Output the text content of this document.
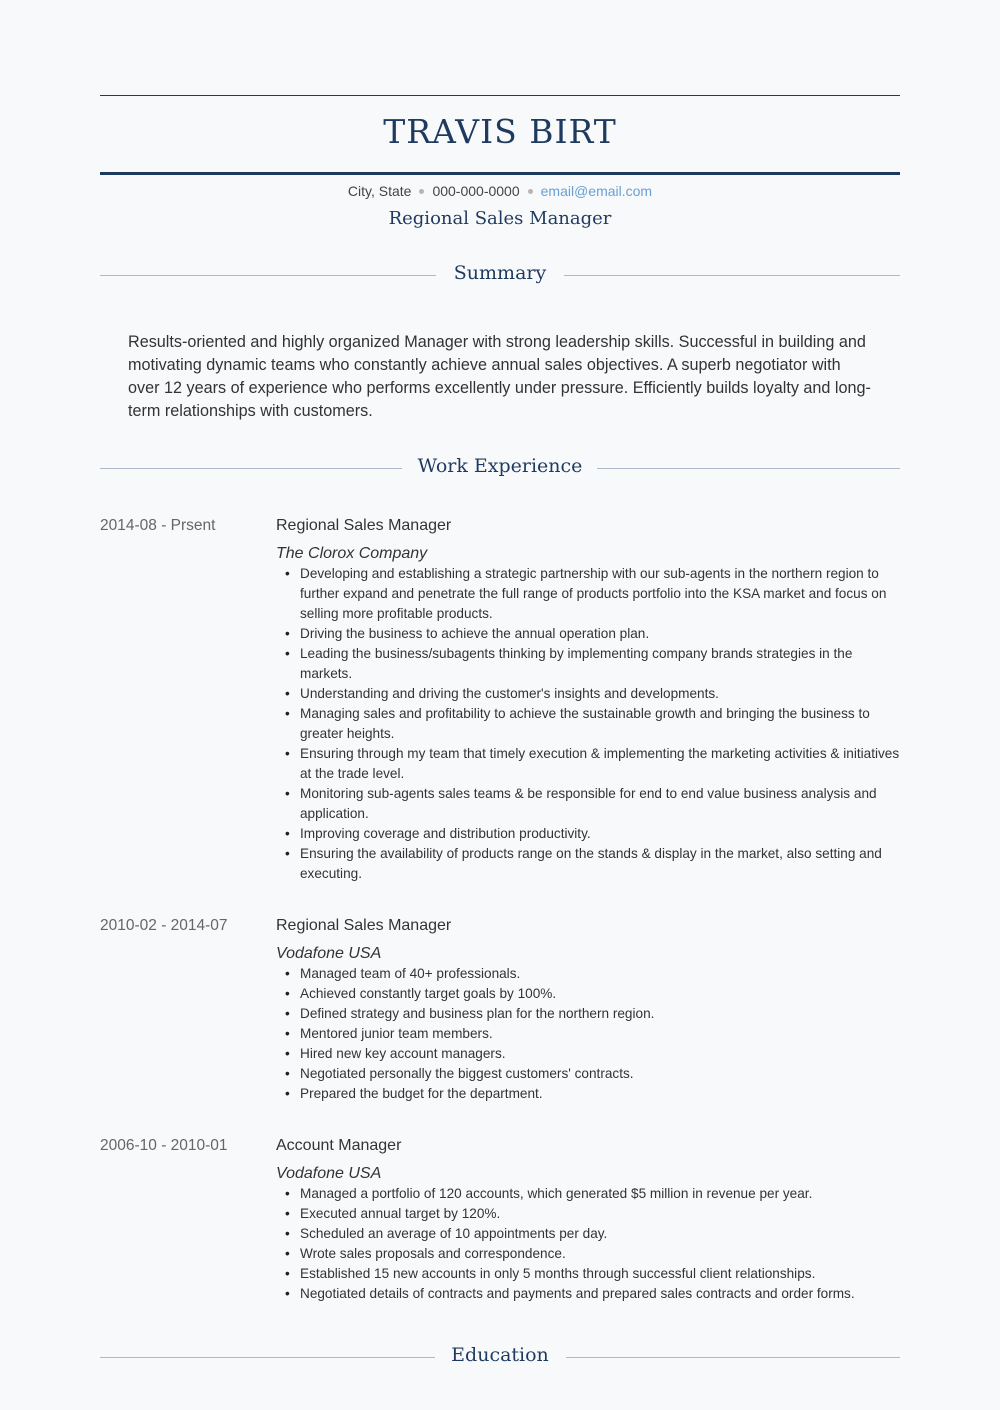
TRAVIS BIRT
City, State 000-000-0000 email@email.com
Regional Sales Manager
Summary
Results-oriented and highly organized Manager with strong leadership skills. Successful in building and motivating dynamic teams who constantly achieve annual sales objectives. A superb negotiator with over 12 years of experience who performs excellently under pressure. Efficiently builds loyalty and long-term relationships with customers.
Work Experience
2014-08 - Prsent	Regional Sales Manager
The Clorox Company
• Developing and establishing a strategic partnership with our sub-agents in the northern region to further expand and penetrate the full range of products portfolio into the KSA market and focus on selling more profitable products.
• Driving the business to achieve the annual operation plan.
• Leading the business/subagents thinking by implementing company brands strategies in the markets.
• Understanding and driving the customer's insights and developments.
• Managing sales and profitability to achieve the sustainable growth and bringing the business to greater heights.
• Ensuring through my team that timely execution & implementing the marketing activities & initiatives at the trade level.
• Monitoring sub-agents sales teams & be responsible for end to end value business analysis and application.
• Improving coverage and distribution productivity.
• Ensuring the availability of products range on the stands & display in the market, also setting and executing.
2010-02 - 2014-07	Regional Sales Manager
Vodafone USA
• Managed team of 40+ professionals.
• Achieved constantly target goals by 100%.
• Defined strategy and business plan for the northern region.
• Mentored junior team members.
• Hired new key account managers.
• Negotiated personally the biggest customers' contracts.
• Prepared the budget for the department.
2006-10 - 2010-01	Account Manager
Vodafone USA
• Managed a portfolio of 120 accounts, which generated $5 million in revenue per year.
• Executed annual target by 120%.
• Scheduled an average of 10 appointments per day.
• Wrote sales proposals and correspondence.
• Established 15 new accounts in only 5 months through successful client relationships.
• Negotiated details of contracts and payments and prepared sales contracts and order forms.
Education
